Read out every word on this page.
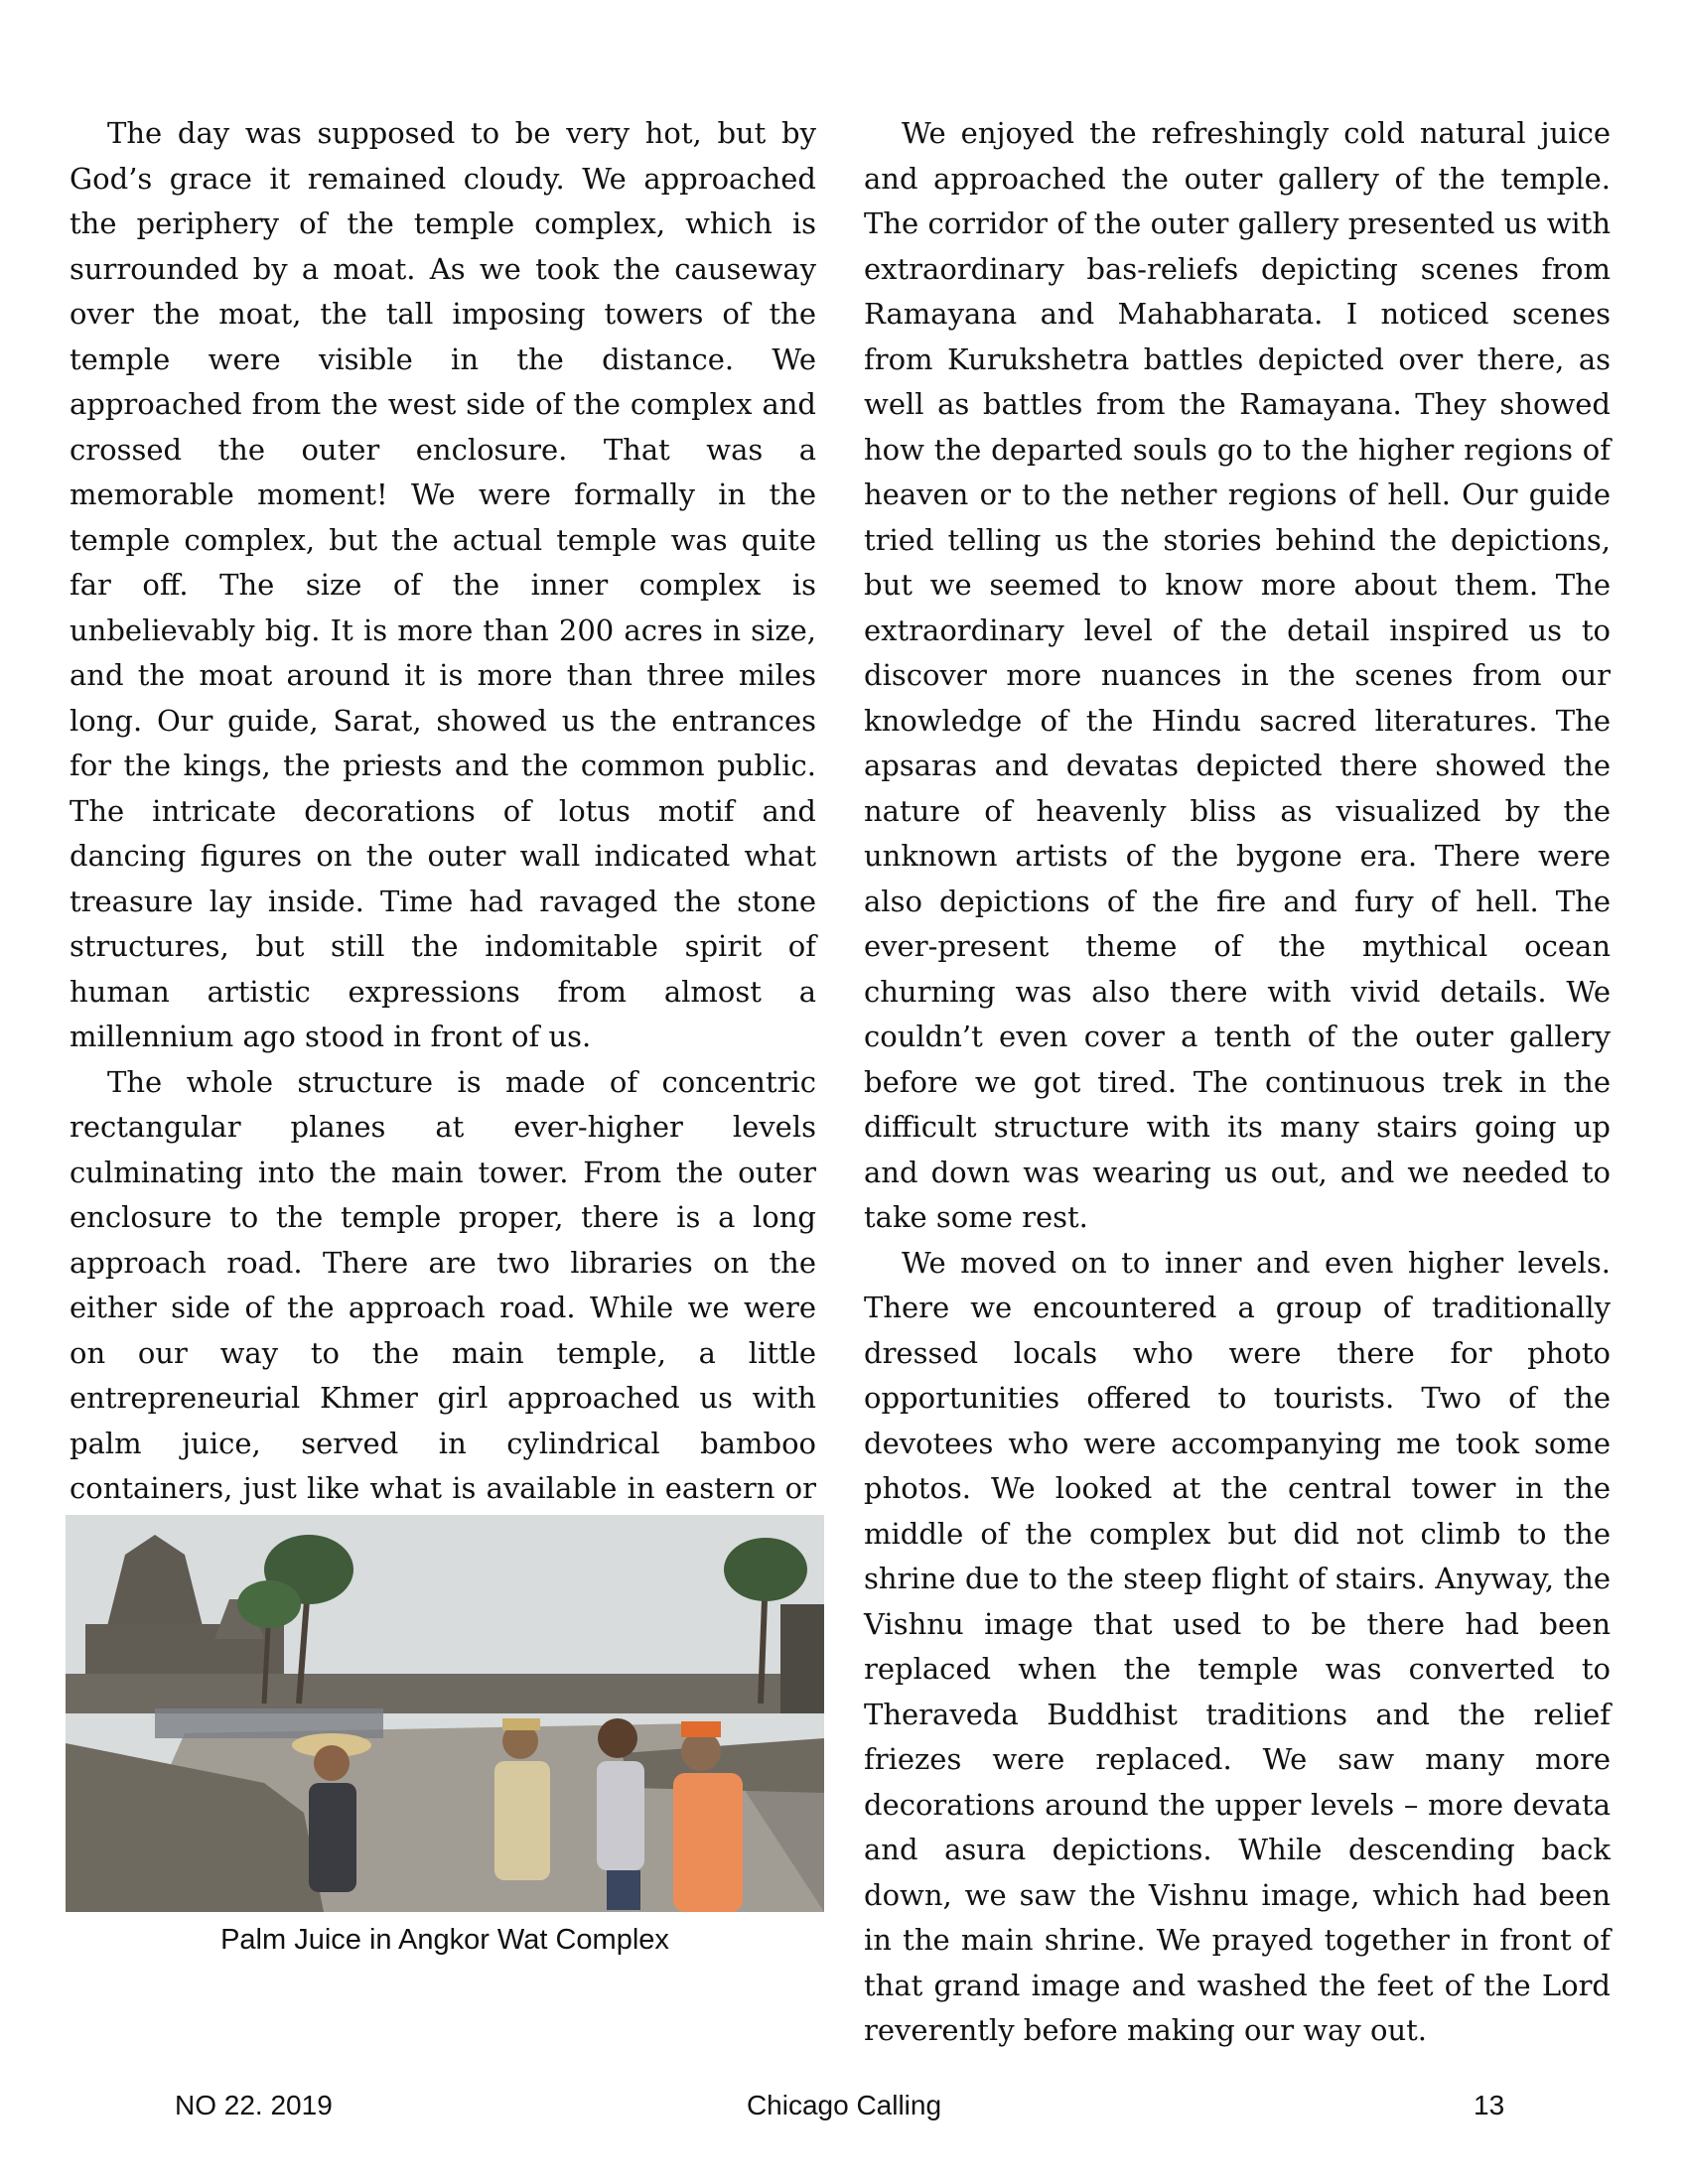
The day was supposed to be very hot, but by God’s grace it remained cloudy. We approached the periphery of the temple complex, which is surrounded by a moat. As we took the causeway over the moat, the tall imposing towers of the temple were visible in the distance. We approached from the west side of the complex and crossed the outer enclosure. That was a memorable moment! We were formally in the temple complex, but the actual temple was quite far off. The size of the inner complex is unbelievably big. It is more than 200 acres in size, and the moat around it is more than three miles long. Our guide, Sarat, showed us the entrances for the kings, the priests and the common public. The intricate decorations of lotus motif and dancing figures on the outer wall indicated what treasure lay inside. Time had ravaged the stone structures, but still the indomitable spirit of human artistic expressions from almost a millennium ago stood in front of us.

The whole structure is made of concentric rectangular planes at ever-higher levels culminating into the main tower. From the outer enclosure to the temple proper, there is a long approach road. There are two libraries on the either side of the approach road. While we were on our way to the main temple, a little entrepreneurial Khmer girl approached us with palm juice, served in cylindrical bamboo containers, just like what is available in eastern or

Palm Juice in Angkor Wat Complex

We enjoyed the refreshingly cold natural juice and approached the outer gallery of the temple. The corridor of the outer gallery presented us with extraordinary bas-reliefs depicting scenes from Ramayana and Mahabharata. I noticed scenes from Kurukshetra battles depicted over there, as well as battles from the Ramayana. They showed how the departed souls go to the higher regions of heaven or to the nether regions of hell. Our guide tried telling us the stories behind the depictions, but we seemed to know more about them. The extraordinary level of the detail inspired us to discover more nuances in the scenes from our knowledge of the Hindu sacred literatures. The apsaras and devatas depicted there showed the nature of heavenly bliss as visualized by the unknown artists of the bygone era. There were also depictions of the fire and fury of hell. The ever-present theme of the mythical ocean churning was also there with vivid details. We couldn’t even cover a tenth of the outer gallery before we got tired. The continuous trek in the difficult structure with its many stairs going up and down was wearing us out, and we needed to take some rest.

We moved on to inner and even higher levels. There we encountered a group of traditionally dressed locals who were there for photo opportunities offered to tourists. Two of the devotees who were accompanying me took some photos. We looked at the central tower in the middle of the complex but did not climb to the shrine due to the steep flight of stairs. Anyway, the Vishnu image that used to be there had been replaced when the temple was converted to Theraveda Buddhist traditions and the relief friezes were replaced. We saw many more decorations around the upper levels – more devata and asura depictions. While descending back down, we saw the Vishnu image, which had been in the main shrine. We prayed together in front of that grand image and washed the feet of the Lord reverently before making our way out.

NO 22. 2019	Chicago Calling	13
